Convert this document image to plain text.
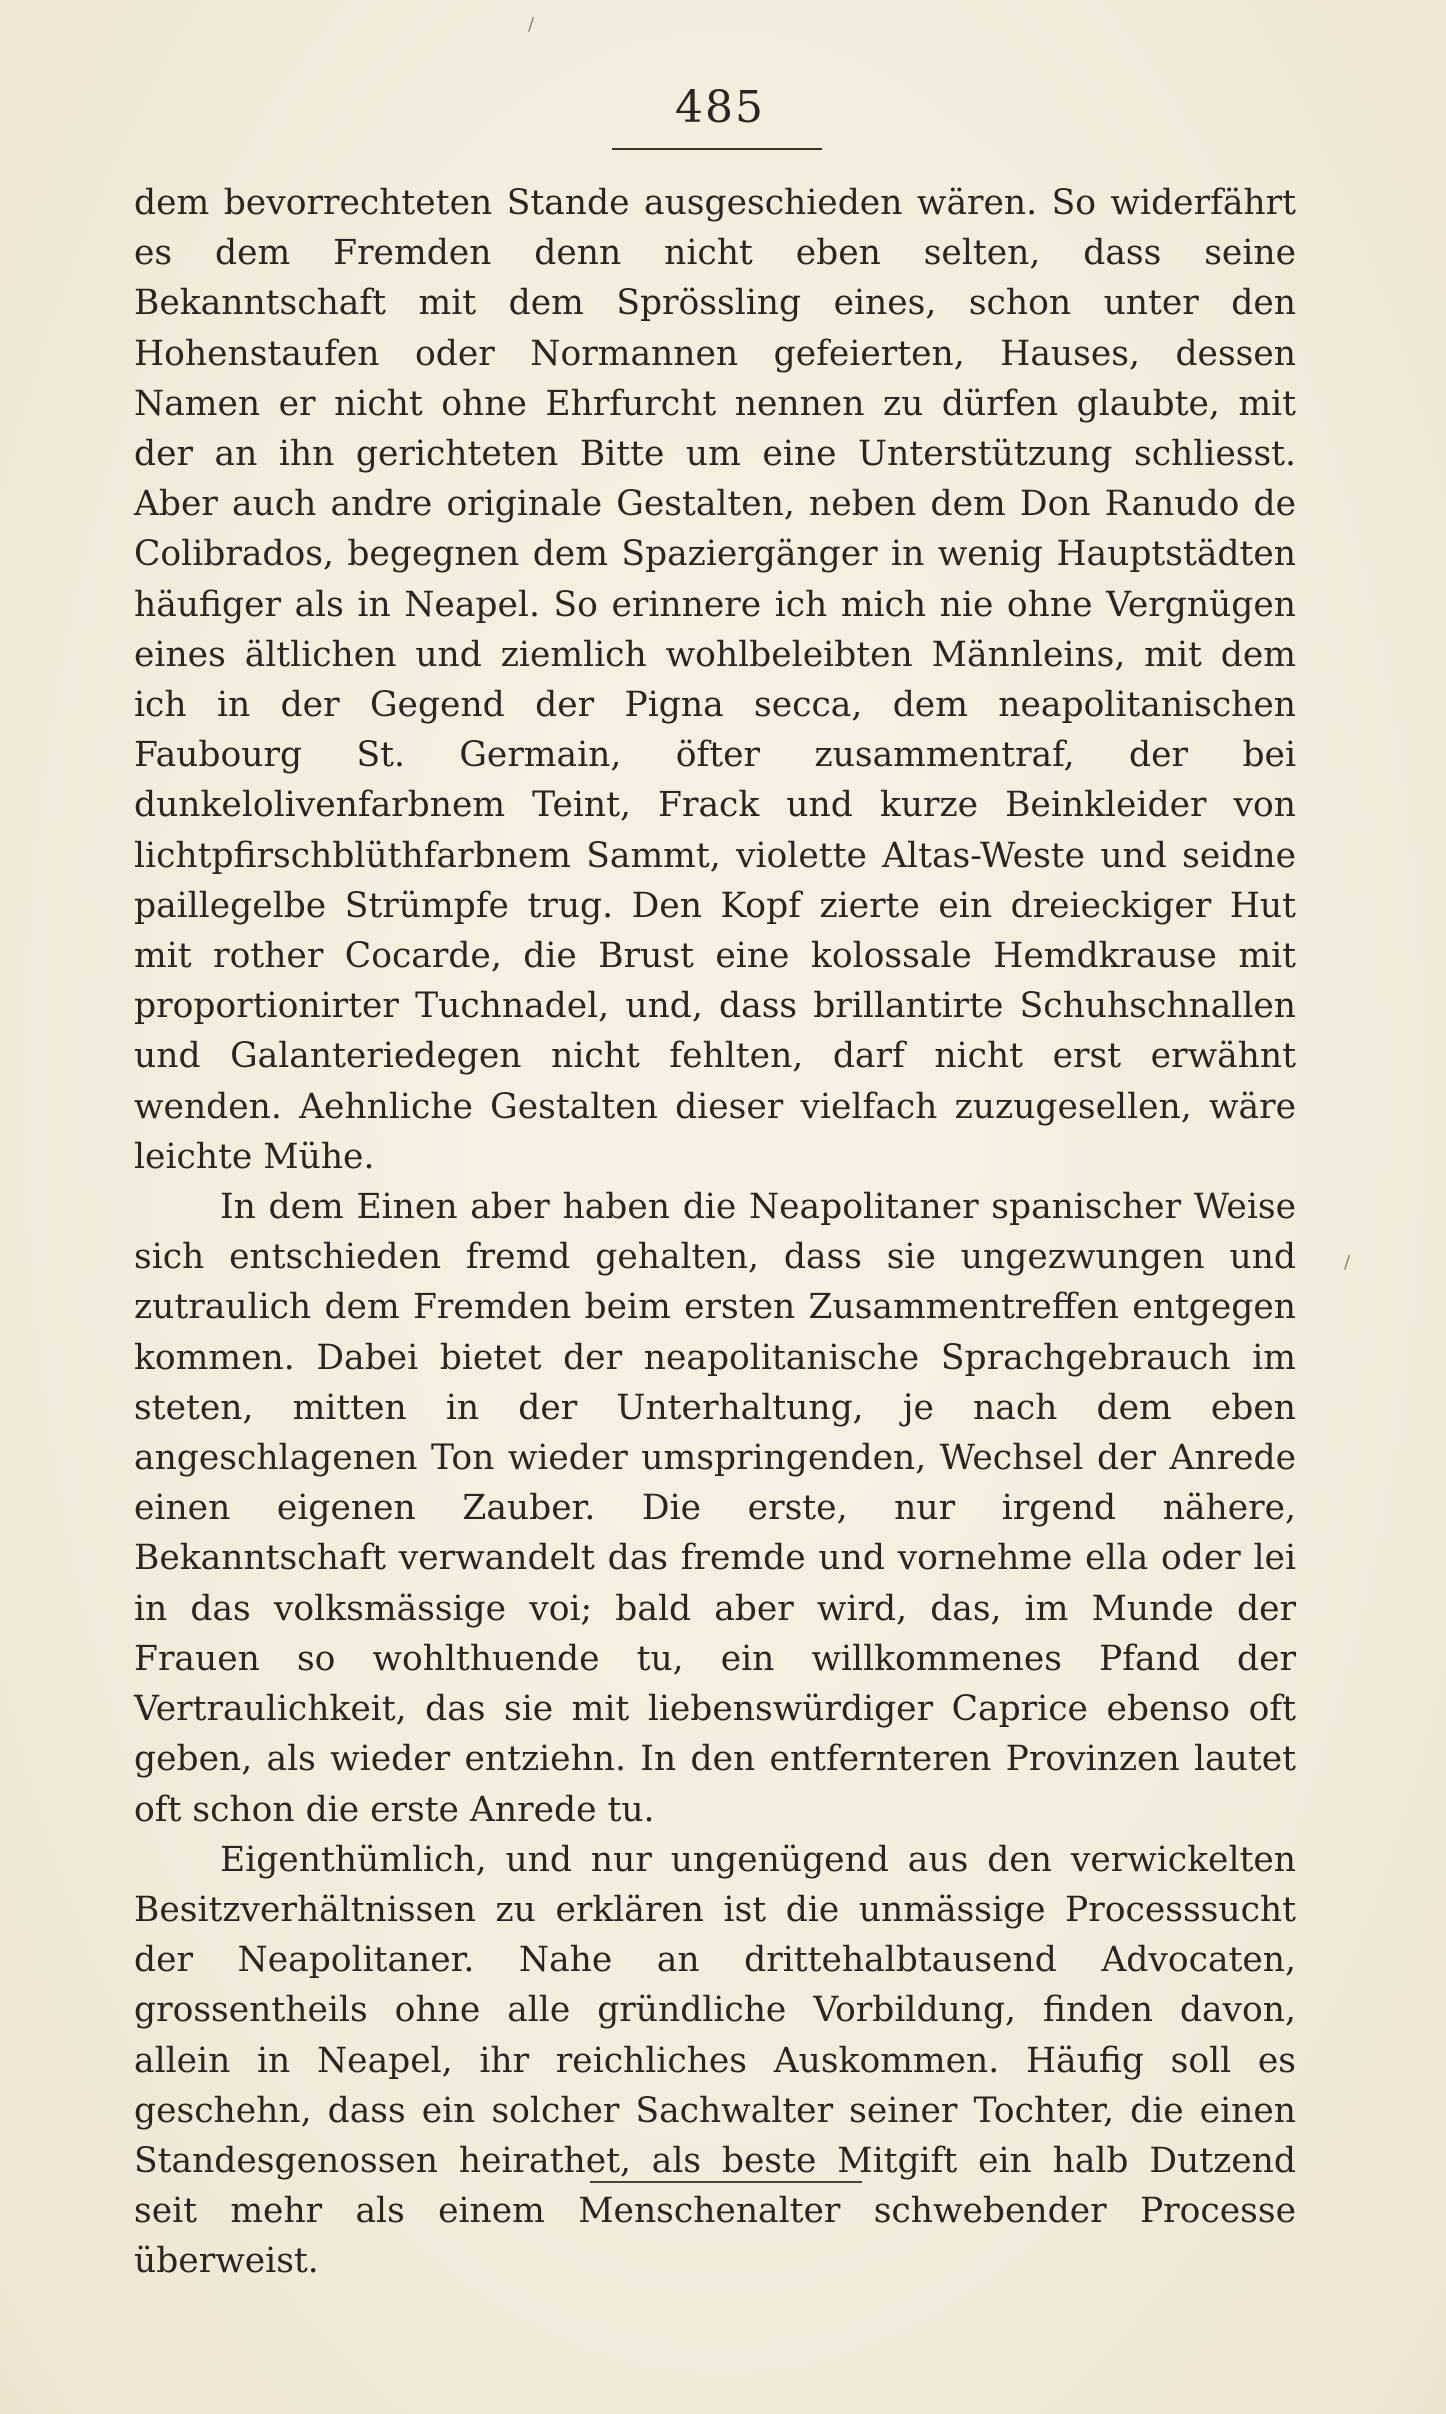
485

dem bevorrechteten Stande ausgeschieden wären. So widerfährt es dem Fremden denn nicht eben selten, dass seine Bekanntschaft mit dem Sprössling eines, schon unter den Hohenstaufen oder Normannen gefeierten, Hauses, dessen Namen er nicht ohne Ehrfurcht nennen zu dürfen glaubte, mit der an ihn gerichteten Bitte um eine Unterstützung schliesst. Aber auch andre originale Gestalten, neben dem Don Ranudo de Colibrados, begegnen dem Spaziergänger in wenig Hauptstädten häufiger als in Neapel. So erinnere ich mich nie ohne Vergnügen eines ältlichen und ziemlich wohlbeleibten Männleins, mit dem ich in der Gegend der Pigna secca, dem neapolitanischen Faubourg St. Germain, öfter zusammentraf, der bei dunkelolivenfarbnem Teint, Frack und kurze Beinkleider von lichtpfirschblüthfarbnem Sammt, violette Altas-Weste und seidne paillegelbe Strümpfe trug. Den Kopf zierte ein dreieckiger Hut mit rother Cocarde, die Brust eine kolossale Hemdkrause mit proportionirter Tuchnadel, und, dass brillantirte Schuhschnallen und Galanteriedegen nicht fehlten, darf nicht erst erwähnt wenden. Aehnliche Gestalten dieser vielfach zuzugesellen, wäre leichte Mühe.

In dem Einen aber haben die Neapolitaner spanischer Weise sich entschieden fremd gehalten, dass sie ungezwungen und zutraulich dem Fremden beim ersten Zusammentreffen entgegen kommen. Dabei bietet der neapolitanische Sprachgebrauch im steten, mitten in der Unterhaltung, je nach dem eben angeschlagenen Ton wieder umspringenden, Wechsel der Anrede einen eigenen Zauber. Die erste, nur irgend nähere, Bekanntschaft verwandelt das fremde und vornehme ella oder lei in das volksmässige voi; bald aber wird, das, im Munde der Frauen so wohlthuende tu, ein willkommenes Pfand der Vertraulichkeit, das sie mit liebenswürdiger Caprice ebenso oft geben, als wieder entziehn. In den entfernteren Provinzen lautet oft schon die erste Anrede tu.

Eigenthümlich, und nur ungenügend aus den verwickelten Besitzverhältnissen zu erklären ist die unmässige Processsucht der Neapolitaner. Nahe an drittehalbtausend Advocaten, grossentheils ohne alle gründliche Vorbildung, finden davon, allein in Neapel, ihr reichliches Auskommen. Häufig soll es geschehn, dass ein solcher Sachwalter seiner Tochter, die einen Standesgenossen heirathet, als beste Mitgift ein halb Dutzend seit mehr als einem Menschenalter schwebender Processe überweist.

/
/
